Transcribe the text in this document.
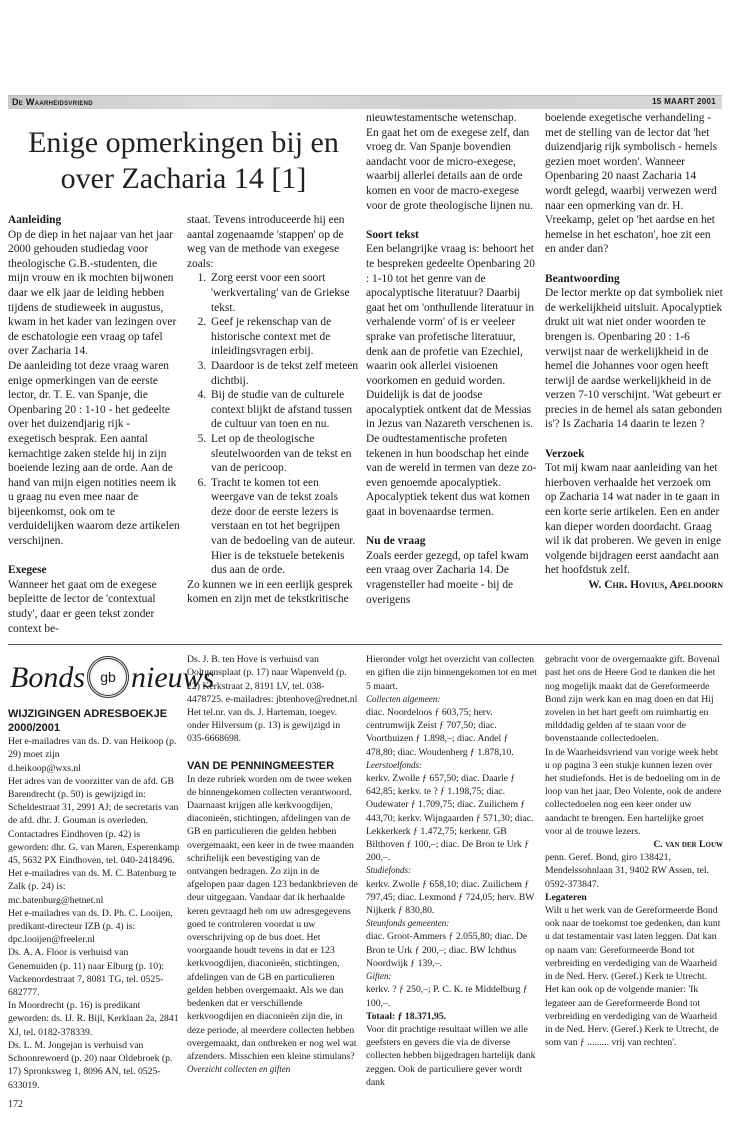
De Waarheidsvriend	15 MAART 2001
Enige opmerkingen bij en over Zacharia 14 [1]

Aanleiding

Op de diep in het najaar van het jaar 2000 gehouden studiedag voor theologische G.B.-studenten, die mijn vrouw en ik mochten bijwonen daar we elk jaar de leiding hebben tijdens de studieweek in augustus, kwam in het kader van lezingen over de eschatologie een vraag op tafel over Zacharia 14.

De aanleiding tot deze vraag waren enige opmerkingen van de eerste lector, dr. T. E. van Spanje, die Openbaring 20 : 1-10 - het gedeelte over het duizendjarig rijk - exegetisch besprak. Een aantal kernachtige zaken stelde hij in zijn boeiende lezing aan de orde. Aan de hand van mijn eigen notities neem ik u graag nu even mee naar de bijeenkomst, ook om te verduidelijken waarom deze artikelen verschijnen.

Exegese

Wanneer het gaat om de exegese bepleitte de lector de 'contextual study', daar er geen tekst zonder context be-

staat. Tevens introduceerde hij een aantal zogenaamde 'stappen' op de weg van de methode van exegese zoals:

1. Zorg eerst voor een soort 'werkvertaling' van de Griekse tekst.
2. Geef je rekenschap van de historische context met de inleidingsvragen erbij.
3. Daardoor is de tekst zelf meteen dichtbij.
4. Bij de studie van de culturele context blijkt de afstand tussen de cultuur van toen en nu.
5. Let op de theologische sleutelwoorden van de tekst en van de pericoop.
6. Tracht te komen tot een weergave van de tekst zoals deze door de eerste lezers is verstaan en tot het begrijpen van de bedoeling van de auteur. Hier is de tekstuele betekenis dus aan de orde.

Zo kunnen we in een eerlijk gesprek komen en zijn met de tekstkritische

nieuwtestamentsche wetenschap.

En gaat het om de exegese zelf, dan vroeg dr. Van Spanje bovendien aandacht voor de micro-exegese, waarbij allerlei details aan de orde komen en voor de macro-exegese voor de grote theologische lijnen nu.

Soort tekst

Een belangrijke vraag is: behoort het te bespreken gedeelte Openbaring 20 : 1-10 tot het genre van de apocalyptische literatuur? Daarbij gaat het om 'onthullende literatuur in verhalende vorm' of is er veeleer sprake van profetische literatuur, denk aan de profetie van Ezechiel, waarin ook allerlei visioenen voorkomen en geduid worden. Duidelijk is dat de joodse apocalyptiek ontkent dat de Messias in Jezus van Nazareth verschenen is. De oudtestamentische profeten tekenen in hun boodschap het einde van de wereld in termen van deze zo-even genoemde apocalyptiek. Apocalyptiek tekent dus wat komen gaat in bovenaardse termen.

Nu de vraag

Zoals eerder gezegd, op tafel kwam een vraag over Zacharia 14. De vragensteller had moeite - bij de overigens

boeiende exegetische verhandeling - met de stelling van de lector dat 'het duizendjarig rijk symbolisch - hemels gezien moet worden'. Wanneer Openbaring 20 naast Zacharia 14 wordt gelegd, waarbij verwezen werd naar een opmerking van dr. H. Vreekamp, gelet op 'het aardse en het hemelse in het eschaton', hoe zit een en ander dan?

Beantwoording

De lector merkte op dat symboliek niet de werkelijkheid uitsluit. Apocalyptiek drukt uit wat niet onder woorden te brengen is. Openbaring 20 : 1-6 verwijst naar de werkelijkheid in de hemel die Johannes voor ogen heeft terwijl de aardse werkelijkheid in de verzen 7-10 verschijnt. 'Wat gebeurt er precies in de hemel als satan gebonden is'? Is Zacharia 14 daarin te lezen ?

Verzoek

Tot mij kwam naar aanleiding van het hierboven verhaalde het verzoek om op Zacharia 14 wat nader in te gaan in een korte serie artikelen. Een en ander kan dieper worden doordacht. Graag wil ik dat proberen. We geven in enige volgende bijdragen eerst aandacht aan het hoofdstuk zelf.

W. Chr. Hovius, Apeldoorn

Bonds	gb nieuws

WIJZIGINGEN ADRESBOEKJE 2000/2001

Het e-mailadres van ds. D. van Heikoop (p. 29) moet zijn

d.heikoop@wxs.nl

Het adres van de voorzitter van de afd. GB Barendrecht (p. 50) is gewijzigd in: Scheldestraat 31, 2991 AJ; de secretaris van de afd. dhr. J. Gouman is overleden.

Contactadres Eindhoven (p. 42) is geworden: dhr. G. van Maren, Esperenkamp 45, 5632 PX Eindhoven, tel. 040-2418496.

Het e-mailadres van ds. M. C. Batenburg te Zalk (p. 24) is:

mc.batenburg@hetnet.nl

Het e-mailadres van ds. D. Ph. C. Looijen, predikant-directeur IZB (p. 4) is: dpc.looijen@freeler.nl

Ds. A. A. Floor is verhuisd van Genemuiden (p. 11) naar Elburg (p. 10): Vackenordestraat 7, 8081 TG, tel. 0525-682777.

In Moordrecht (p. 16) is predikant geworden: ds. IJ. R. Bijl, Kerklaan 2a, 2841 XJ, tel. 0182-378339.

Ds. L. M. Jongejan is verhuisd van Schoonrewoerd (p. 20) naar Oldebroek (p. 17) Spronksweg 1, 8096 AN, tel. 0525-633019.

172

Ds. J. B. ten Hove is verhuisd van Ooltgensplaat (p. 17) naar Wapenveld (p. 22) Kerkstraat 2, 8191 LV, tel. 038-4478725. e-mailadres: jbtenhove@rednet.nl

Het tel.nr. van ds. J. Harteman, toegev. onder Hilversum (p. 13) is gewijzigd in 035-6668698.

VAN DE PENNINGMEESTER

In deze rubriek worden om de twee weken de binnengekomen collecten verantwoord. Daarnaast krijgen alle kerkvoogdijen, diaconieën, stichtingen, afdelingen van de GB en particulieren die gelden hebben overgemaakt, een keer in de twee maanden schriftelijk een bevestiging van de ontvangen bedragen. Zo zijn in de afgelopen paar dagen 123 bedankbrieven de deur uitgegaan. Vandaar dat ik herhaalde keren gevraagd heb om uw adresgegevens goed te controleren voordat u uw overschrijving op de bus doet. Het voorgaande houdt tevens in dat er 123 kerkvoogdijen, diaconieën, stichtingen, afdelingen van de GB en particulieren gelden hebben overgemaakt. Als we dan bedenken dat er verschillende kerkvoogdijen en diaconieën zijn die, in deze periode, al meerdere collecten hebben overgemaakt, dan ontbreken er nog wel wat afzenders. Misschien een kleine stimulans?

Overzicht collecten en giften

Hieronder volgt het overzicht van collecten en giften die zijn binnengekomen tot en met 5 maart.

Collecten algemeen:

diac. Noordeloos ƒ 603,75; herv. centrumwijk Zeist ƒ 707,50; diac. Voorthuizen ƒ 1.898,–; diac. Andel ƒ 478,80; diac. Woudenberg ƒ 1.878,10.

Leerstoelfonds:

kerkv. Zwolle ƒ 657,50; diac. Daarle ƒ 642,85; kerkv. te ? ƒ 1.198,75; diac. Oudewater ƒ 1.709,75; diac. Zuilichem ƒ 443,70; kerkv. Wijngaarden ƒ 571,30; diac. Lekkerkerk ƒ 1.472,75; kerkenr. GB Bilthoven ƒ 100,–; diac. De Bron te Urk ƒ 200,–.

Studiefonds:

kerkv. Zwolle ƒ 658,10; diac. Zuilichem ƒ 797,45; diac. Lexmond ƒ 724,05; herv. BW Nijkerk ƒ 830,80.

Steunfonds gemeenten:

diac. Groot-Ammers ƒ 2.055,80; diac. De Bron te Urk ƒ 200,–; diac. BW Ichthus Noordwijk ƒ 139,–.

Giften:

kerkv. ? ƒ 250,–; P. C. K. te Middelburg ƒ 100,–.

Totaal: ƒ 18.371,95.

Voor dit prachtige resultaat willen we alle geefsters en gevers die via de diverse collecten hebben bijgedragen hartelijk dank zeggen. Ook de particuliere gever wordt dank

gebracht voor de overgemaakte gift. Bovenal past het ons de Heere God te danken die het nog mogelijk maakt dat de Gereformeerde Bond zijn werk kan en mag doen en dat Hij zovelen in het hart geeft om ruimhartig en milddadig gelden af te staan voor de bovenstaande collectedoelen.

In de Waarheidsvriend van vorige week hebt u op pagina 3 een stukje kunnen lezen over het studiefonds. Het is de bedoeling om in de loop van het jaar, Deo Volente, ook de andere collectedoelen nog een keer onder uw aandacht te brengen. Een hartelijke groet voor al de trouwe lezers.

C. van der Louw

penn. Geref. Bond, giro 138421, Mendelssohnlaan 31, 9402 RW Assen, tel. 0592-373847.

Legateren

Wilt u het werk van de Gereformeerde Bond ook naar de toekomst toe gedenken, dan kunt u dat testamentair vast laten leggen. Dat kan op naam van: Gereformeerde Bond tot verbreiding en verdediging van de Waarheid in de Ned. Herv. (Geref.) Kerk te Utrecht. Het kan ook op de volgende manier: 'Ik legateer aan de Gereformeerde Bond tot verbreiding en verdediging van de Waarheid in de Ned. Herv. (Geref.) Kerk te Utrecht, de som van ƒ ......... vrij van rechten'.
